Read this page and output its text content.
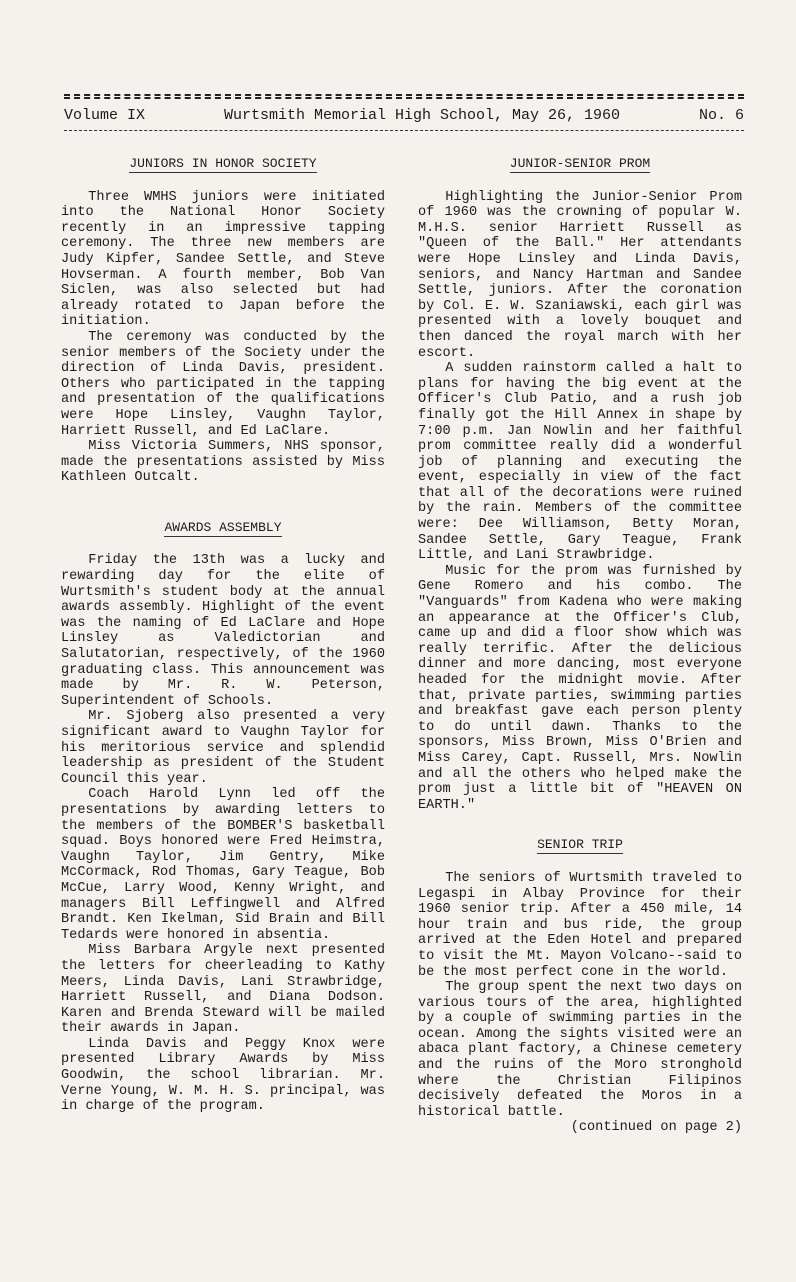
Volume IX	Wurtsmith Memorial High School, May 26, 1960	No. 6
JUNIORS IN HONOR SOCIETY

Three WMHS juniors were initiated into the National Honor Society recently in an impressive tapping ceremony. The three new members are Judy Kipfer, Sandee Settle, and Steve Hovserman. A fourth member, Bob Van Siclen, was also selected but had already rotated to Japan before the initiation.

The ceremony was conducted by the senior members of the Society under the direction of Linda Davis, president. Others who participated in the tapping and presentation of the qualifications were Hope Linsley, Vaughn Taylor, Harriett Russell, and Ed LaClare.

Miss Victoria Summers, NHS sponsor, made the presentations assisted by Miss Kathleen Outcalt.

AWARDS ASSEMBLY

Friday the 13th was a lucky and rewarding day for the elite of Wurtsmith's student body at the annual awards assembly. Highlight of the event was the naming of Ed LaClare and Hope Linsley as Valedictorian and Salutatorian, respectively, of the 1960 graduating class. This announcement was made by Mr. R. W. Peterson, Superintendent of Schools.

Mr. Sjoberg also presented a very significant award to Vaughn Taylor for his meritorious service and splendid leadership as president of the Student Council this year.

Coach Harold Lynn led off the presentations by awarding letters to the members of the BOMBER'S basketball squad. Boys honored were Fred Heimstra, Vaughn Taylor, Jim Gentry, Mike McCormack, Rod Thomas, Gary Teague, Bob McCue, Larry Wood, Kenny Wright, and managers Bill Leffingwell and Alfred Brandt. Ken Ikelman, Sid Brain and Bill Tedards were honored in absentia.

Miss Barbara Argyle next presented the letters for cheerleading to Kathy Meers, Linda Davis, Lani Strawbridge, Harriett Russell, and Diana Dodson. Karen and Brenda Steward will be mailed their awards in Japan.

Linda Davis and Peggy Knox were presented Library Awards by Miss Goodwin, the school librarian. Mr. Verne Young, W. M. H. S. principal, was in charge of the program.

JUNIOR-SENIOR PROM

Highlighting the Junior-Senior Prom of 1960 was the crowning of popular W. M.H.S. senior Harriett Russell as "Queen of the Ball." Her attendants were Hope Linsley and Linda Davis, seniors, and Nancy Hartman and Sandee Settle, juniors. After the coronation by Col. E. W. Szaniawski, each girl was presented with a lovely bouquet and then danced the royal march with her escort.

A sudden rainstorm called a halt to plans for having the big event at the Officer's Club Patio, and a rush job finally got the Hill Annex in shape by 7:00 p.m. Jan Nowlin and her faithful prom committee really did a wonderful job of planning and executing the event, especially in view of the fact that all of the decorations were ruined by the rain. Members of the committee were: Dee Williamson, Betty Moran, Sandee Settle, Gary Teague, Frank Little, and Lani Strawbridge.

Music for the prom was furnished by Gene Romero and his combo. The "Vanguards" from Kadena who were making an appearance at the Officer's Club, came up and did a floor show which was really terrific. After the delicious dinner and more dancing, most everyone headed for the midnight movie. After that, private parties, swimming parties and breakfast gave each person plenty to do until dawn. Thanks to the sponsors, Miss Brown, Miss O'Brien and Miss Carey, Capt. Russell, Mrs. Nowlin and all the others who helped make the prom just a little bit of "HEAVEN ON EARTH."

SENIOR TRIP

The seniors of Wurtsmith traveled to Legaspi in Albay Province for their 1960 senior trip. After a 450 mile, 14 hour train and bus ride, the group arrived at the Eden Hotel and prepared to visit the Mt. Mayon Volcano--said to be the most perfect cone in the world.

The group spent the next two days on various tours of the area, highlighted by a couple of swimming parties in the ocean. Among the sights visited were an abaca plant factory, a Chinese cemetery and the ruins of the Moro stronghold where the Christian Filipinos decisively defeated the Moros in a historical battle.

(continued on page 2)
